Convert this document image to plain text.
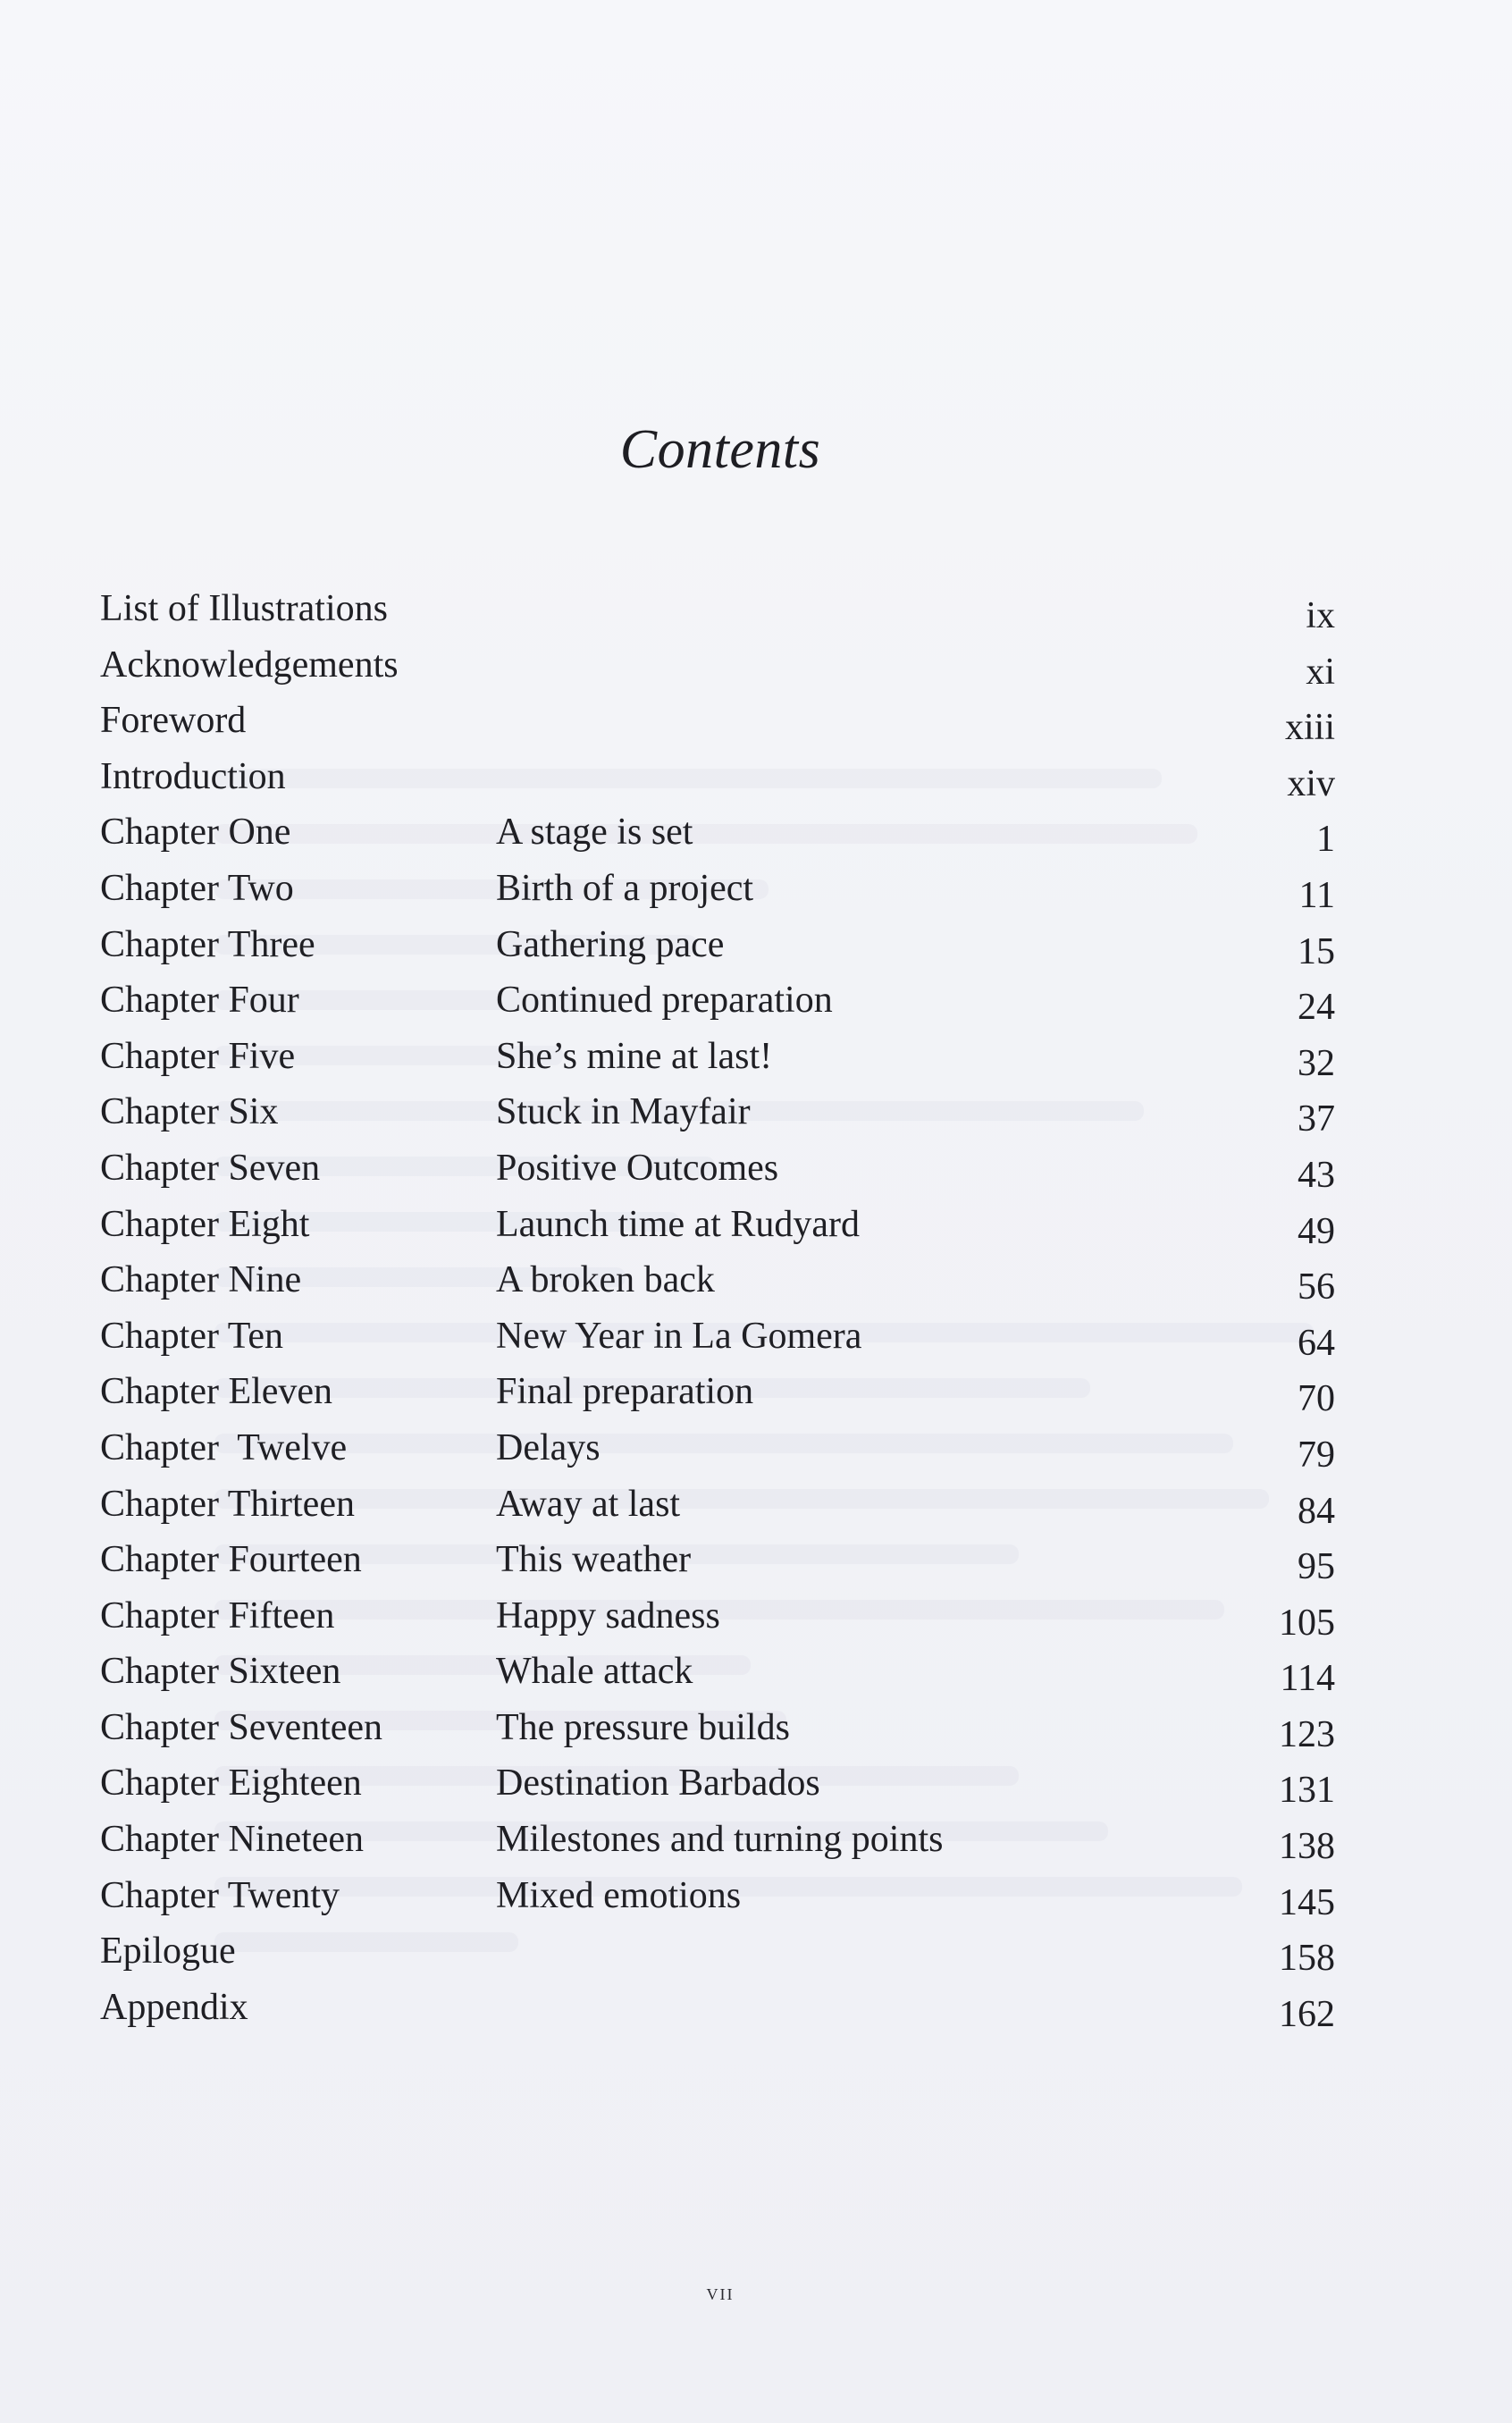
Contents
List of Illustrations	ix
Acknowledgements	xi
Foreword	xiii
Introduction	xiv
Chapter One	A stage is set	1
Chapter Two	Birth of a project	11
Chapter Three	Gathering pace	15
Chapter Four	Continued preparation	24
Chapter Five	She’s mine at last!	32
Chapter Six	Stuck in Mayfair	37
Chapter Seven	Positive Outcomes	43
Chapter Eight	Launch time at Rudyard	49
Chapter Nine	A broken back	56
Chapter Ten	New Year in La Gomera	64
Chapter Eleven	Final preparation	70
Chapter  Twelve	Delays	79
Chapter Thirteen	Away at last	84
Chapter Fourteen	This weather	95
Chapter Fifteen	Happy sadness	105
Chapter Sixteen	Whale attack	114
Chapter Seventeen	The pressure builds	123
Chapter Eighteen	Destination Barbados	131
Chapter Nineteen	Milestones and turning points	138
Chapter Twenty	Mixed emotions	145
Epilogue	158
Appendix	162
vii
